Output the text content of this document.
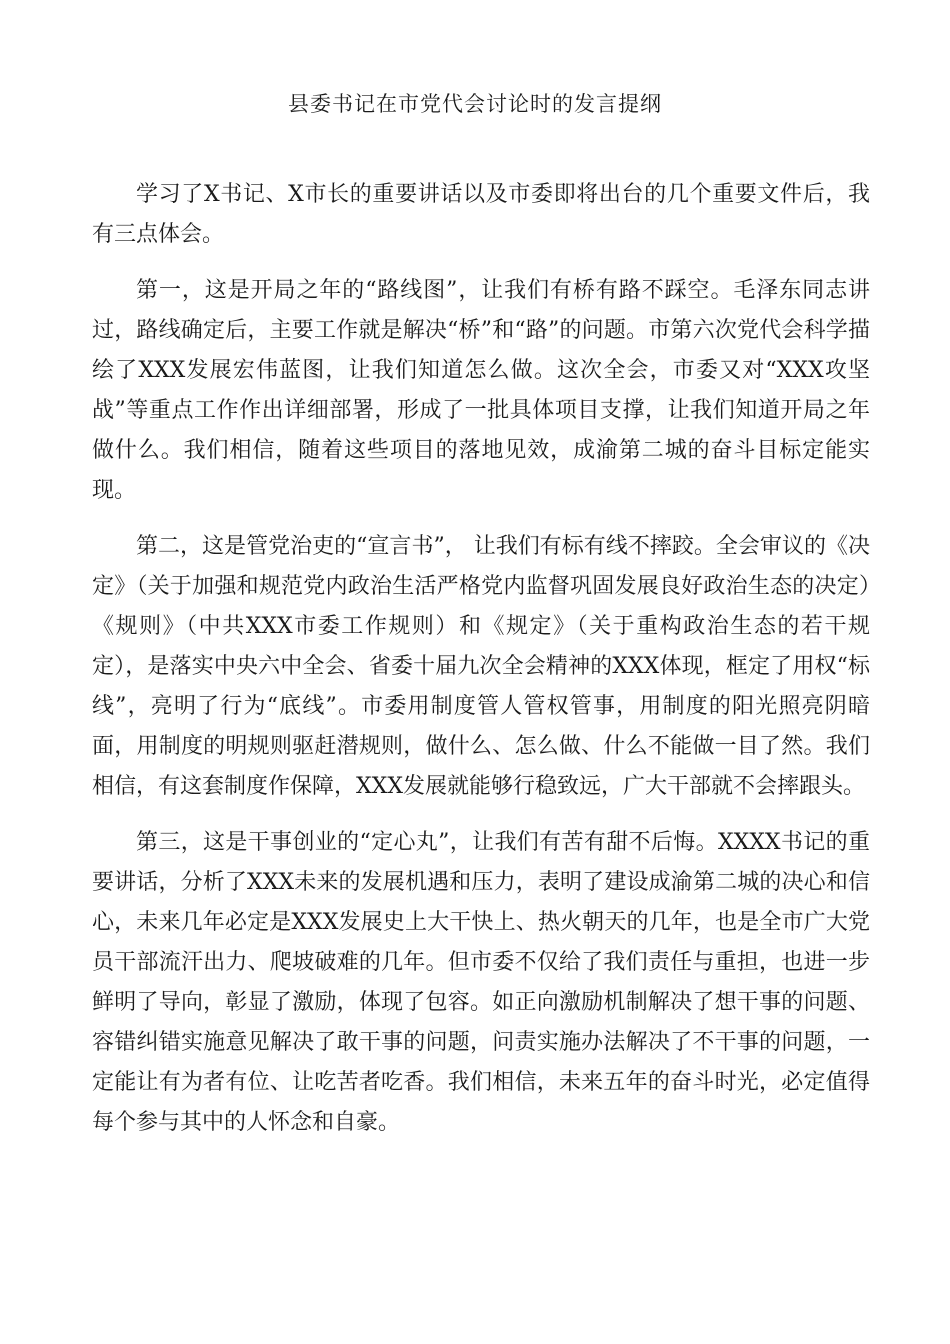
县委书记在市党代会讨论时的发言提纲

学习了X书记、X市长的重要讲话以及市委即将出台的几个重要文件后，我有三点体会。

第一，这是开局之年的“路线图”，让我们有桥有路不踩空。毛泽东同志讲过，路线确定后，主要工作就是解决“桥”和“路”的问题。市第六次党代会科学描绘了XXX发展宏伟蓝图，让我们知道怎么做。这次全会，市委又对“XXX攻坚战”等重点工作作出详细部署，形成了一批具体项目支撑，让我们知道开局之年做什么。我们相信，随着这些项目的落地见效，成渝第二城的奋斗目标定能实现。

第二，这是管党治吏的“宣言书”， 让我们有标有线不摔跤。全会审议的《决定》（关于加强和规范党内政治生活严格党内监督巩固发展良好政治生态的决定）《规则》（中共XXX市委工作规则）和《规定》（关于重构政治生态的若干规定），是落实中央六中全会、省委十届九次全会精神的XXX体现，框定了用权“标线”，亮明了行为“底线”。市委用制度管人管权管事，用制度的阳光照亮阴暗面，用制度的明规则驱赶潜规则，做什么、怎么做、什么不能做一目了然。我们相信，有这套制度作保障，XXX发展就能够行稳致远，广大干部就不会摔跟头。

第三，这是干事创业的“定心丸”，让我们有苦有甜不后悔。XXXX书记的重要讲话，分析了XXX未来的发展机遇和压力，表明了建设成渝第二城的决心和信心，未来几年必定是XXX发展史上大干快上、热火朝天的几年，也是全市广大党员干部流汗出力、爬坡破难的几年。但市委不仅给了我们责任与重担，也进一步鲜明了导向，彰显了激励，体现了包容。如正向激励机制解决了想干事的问题、容错纠错实施意见解决了敢干事的问题，问责实施办法解决了不干事的问题，一定能让有为者有位、让吃苦者吃香。我们相信，未来五年的奋斗时光，必定值得每个参与其中的人怀念和自豪。
